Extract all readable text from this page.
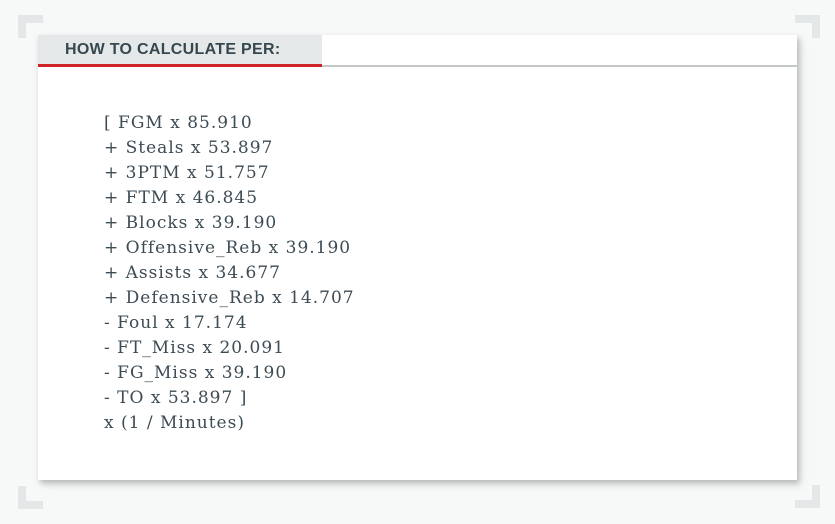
HOW TO CALCULATE PER:
[ FGM x 85.910
+ Steals x 53.897
+ 3PTM x 51.757
+ FTM x 46.845
+ Blocks x 39.190
+ Offensive_Reb x 39.190
+ Assists x 34.677
+ Defensive_Reb x 14.707
- Foul x 17.174
- FT_Miss x 20.091
- FG_Miss x 39.190
- TO x 53.897 ]
x (1 / Minutes)
